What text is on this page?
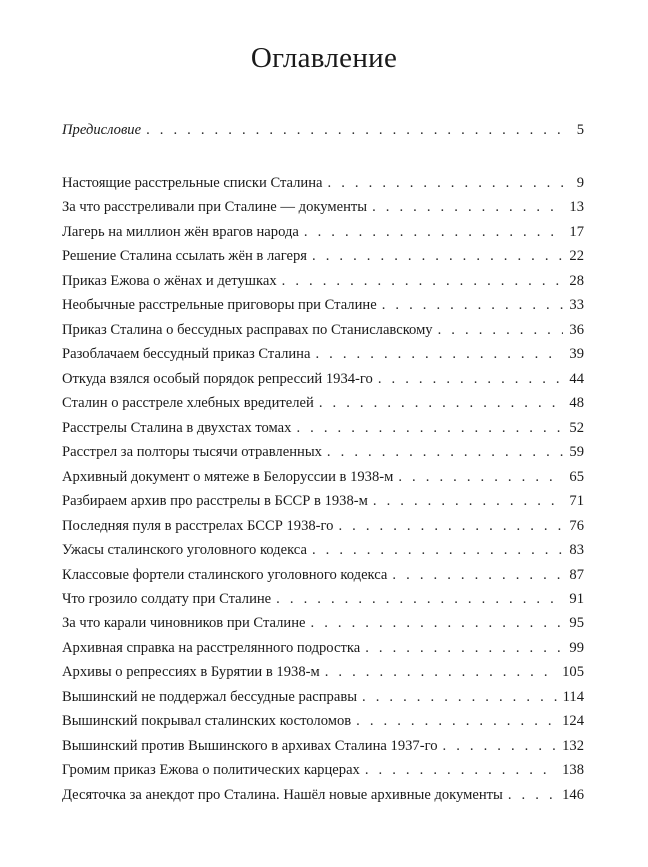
Оглавление
Предисловие . . .	5
Настоящие расстрельные списки Сталина . . .	9
За что расстреливали при Сталине — документы . . .	13
Лагерь на миллион жён врагов народа . . .	17
Решение Сталина ссылать жён в лагеря . . .	22
Приказ Ежова о жёнах и детушках . . .	28
Необычные расстрельные приговоры при Сталине . . .	33
Приказ Сталина о бессудных расправах по Станиславскому . . .	36
Разоблачаем бессудный приказ Сталина . . .	39
Откуда взялся особый порядок репрессий 1934-го . . .	44
Сталин о расстреле хлебных вредителей . . .	48
Расстрелы Сталина в двухстах томах . . .	52
Расстрел за полторы тысячи отравленных . . .	59
Архивный документ о мятеже в Белоруссии в 1938-м . . .	65
Разбираем архив про расстрелы в БССР в 1938-м . . .	71
Последняя пуля в расстрелах БССР 1938-го . . .	76
Ужасы сталинского уголовного кодекса . . .	83
Классовые фортели сталинского уголовного кодекса . . .	87
Что грозило солдату при Сталине . . .	91
За что карали чиновников при Сталине . . .	95
Архивная справка на расстрелянного подростка . . .	99
Архивы о репрессиях в Бурятии в 1938-м . . .	105
Вышинский не поддержал бессудные расправы . . .	114
Вышинский покрывал сталинских костоломов . . .	124
Вышинский против Вышинского в архивах Сталина 1937-го . . .	132
Громим приказ Ежова о политических карцерах . . .	138
Десяточка за анекдот про Сталина. Нашёл новые архивные документы . . .	146
